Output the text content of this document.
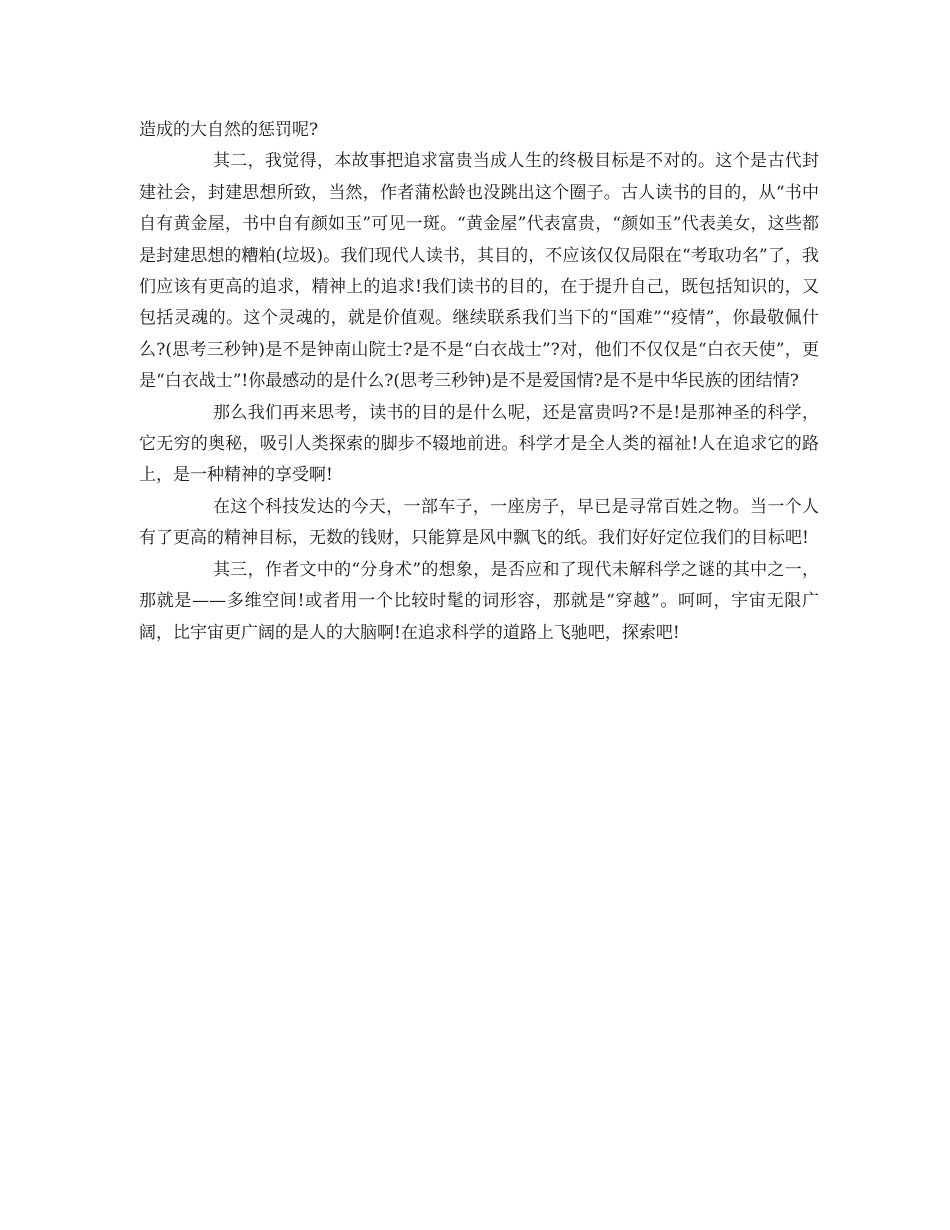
造成的大自然的惩罚呢?

其二，我觉得，本故事把追求富贵当成人生的终极目标是不对的。这个是古代封建社会，封建思想所致，当然，作者蒲松龄也没跳出这个圈子。古人读书的目的，从“书中自有黄金屋，书中自有颜如玉”可见一斑。“黄金屋”代表富贵，“颜如玉”代表美女，这些都是封建思想的糟粕(垃圾)。我们现代人读书，其目的，不应该仅仅局限在“考取功名”了，我们应该有更高的追求，精神上的追求!我们读书的目的，在于提升自己，既包括知识的，又包括灵魂的。这个灵魂的，就是价值观。继续联系我们当下的“国难”“疫情”，你最敬佩什么?(思考三秒钟)是不是钟南山院士?是不是“白衣战士”?对，他们不仅仅是“白衣天使”，更是“白衣战士”!你最感动的是什么?(思考三秒钟)是不是爱国情?是不是中华民族的团结情?

那么我们再来思考，读书的目的是什么呢，还是富贵吗?不是!是那神圣的科学，它无穷的奥秘，吸引人类探索的脚步不辍地前进。科学才是全人类的福祉!人在追求它的路上，是一种精神的享受啊!

在这个科技发达的今天，一部车子，一座房子，早已是寻常百姓之物。当一个人有了更高的精神目标，无数的钱财，只能算是风中飘飞的纸。我们好好定位我们的目标吧!

其三，作者文中的“分身术”的想象，是否应和了现代未解科学之谜的其中之一，那就是——多维空间!或者用一个比较时髦的词形容，那就是“穿越”。呵呵，宇宙无限广阔，比宇宙更广阔的是人的大脑啊!在追求科学的道路上飞驰吧，探索吧!
